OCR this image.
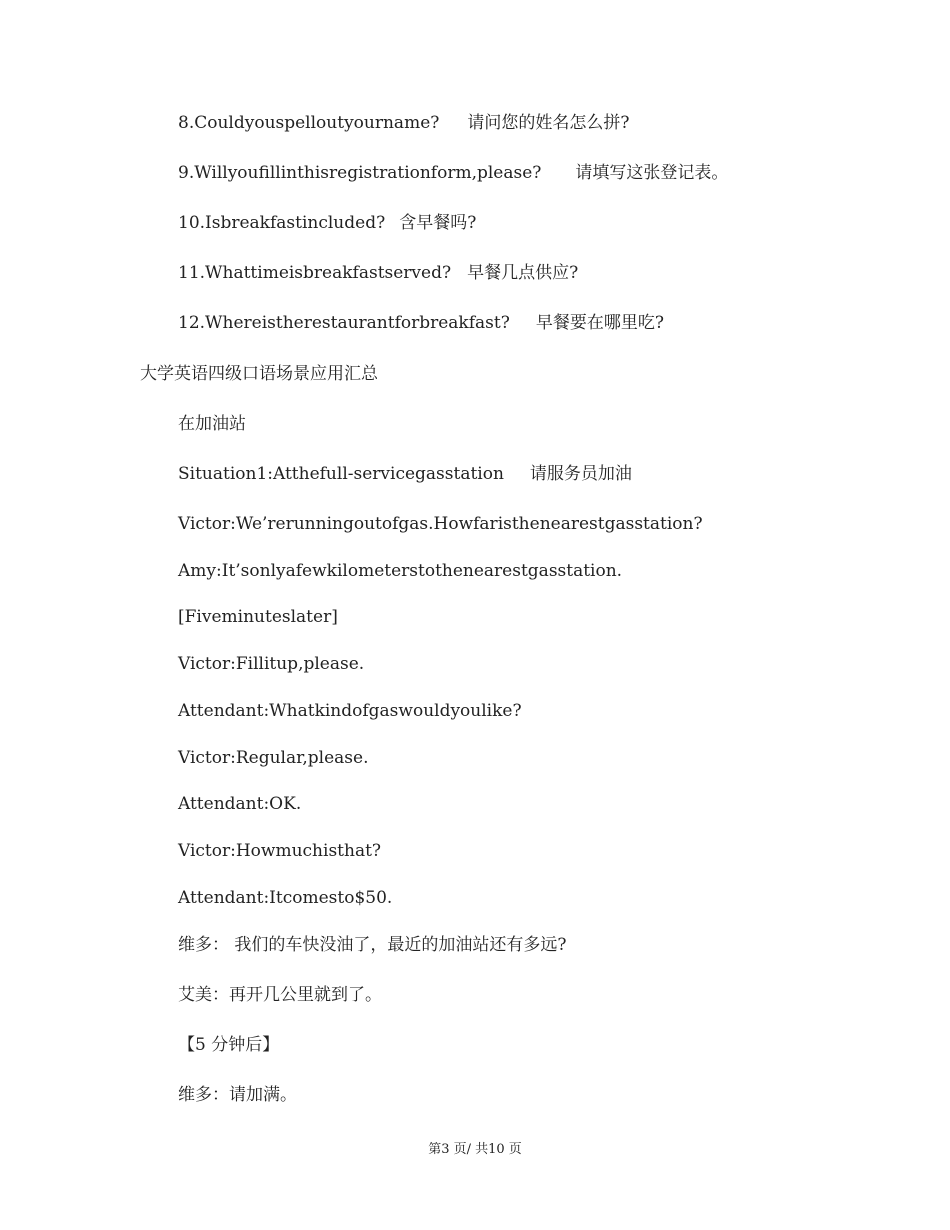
8.Couldyouspelloutyourname? 请问您的姓名怎么拼?
9.Willyoufillinthisregistrationform,please? 请填写这张登记表。
10.Isbreakfastincluded? 含早餐吗?
11.Whattimeisbreakfastserved? 早餐几点供应?
12.Whereistherestaurantforbreakfast? 早餐要在哪里吃?
大学英语四级口语场景应用汇总
在加油站
Situation1:Atthefull-servicegasstation 请服务员加油
Victor:We’rerunningoutofgas.Howfaristhenearestgasstation?
Amy:It’sonlyafewkilometerstothenearestgasstation.
[Fiveminuteslater]
Victor:Fillitup,please.
Attendant:Whatkindofgaswouldyoulike?
Victor:Regular,please.
Attendant:OK.
Victor:Howmuchisthat?
Attendant:Itcomesto$50.
维多： 我们的车快没油了，最近的加油站还有多远?
艾美：再开几公里就到了。
【5 分钟后】
维多：请加满。
第3 页/ 共10 页
